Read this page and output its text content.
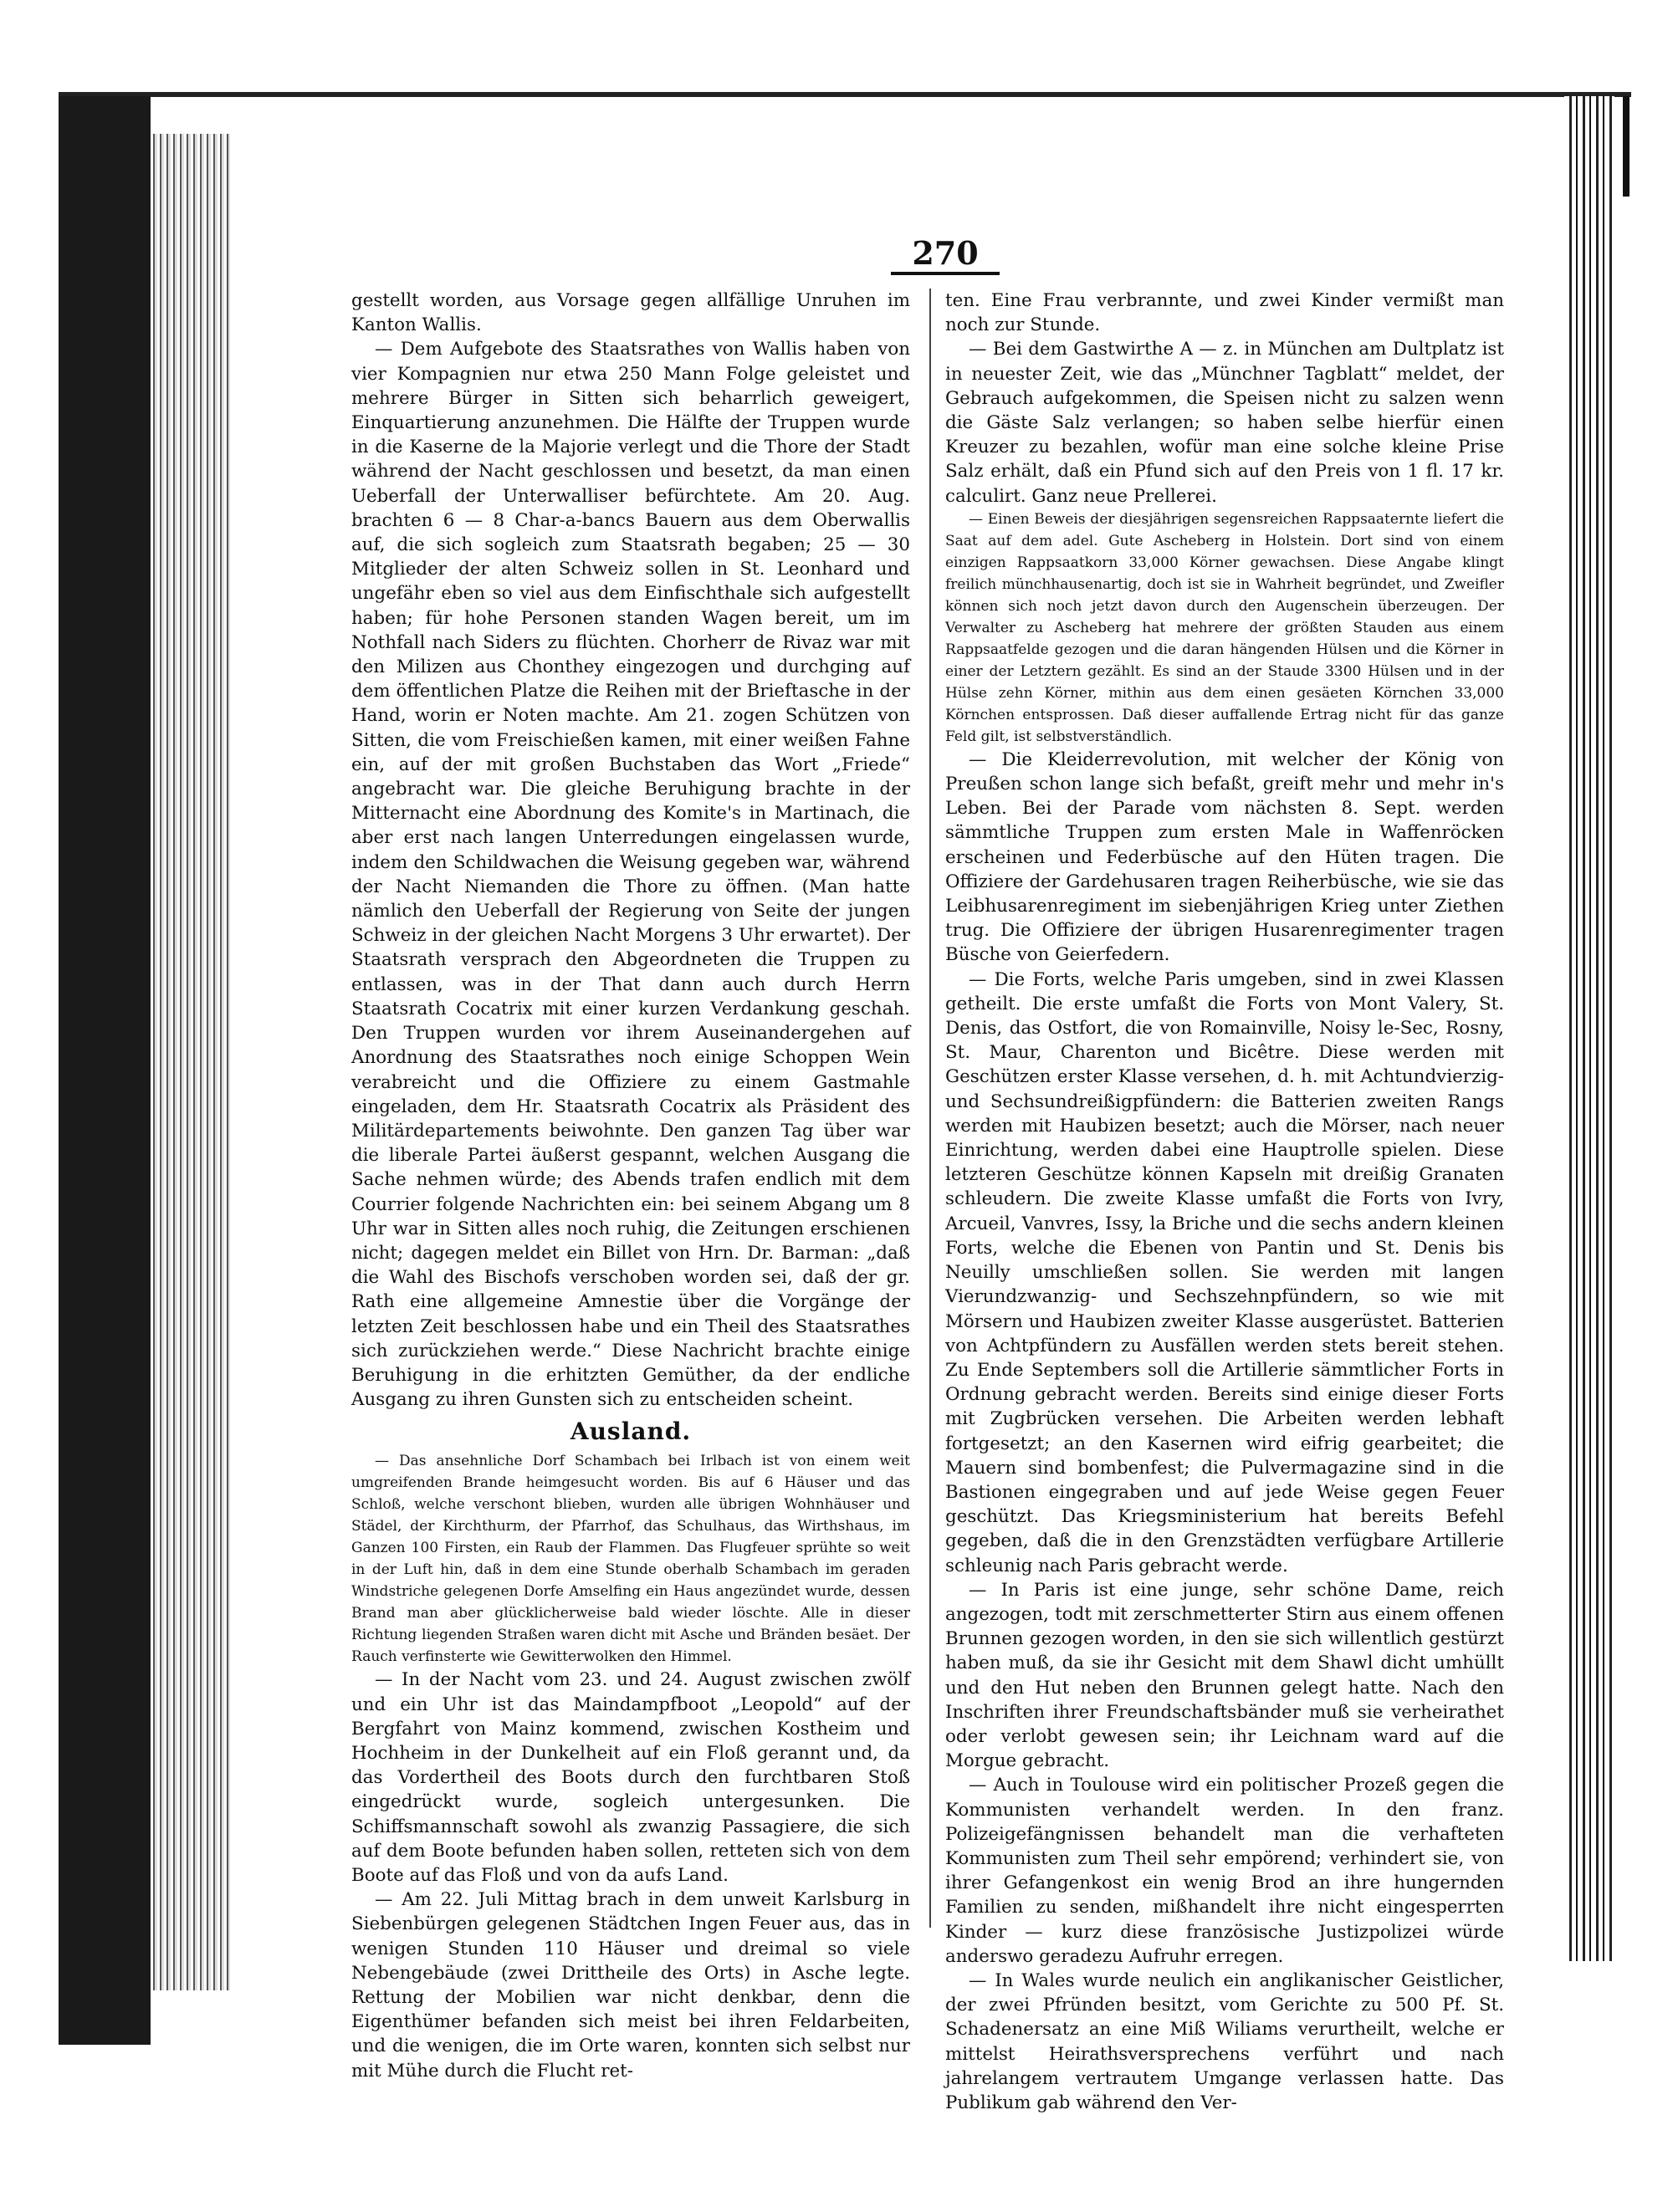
270

gestellt worden, aus Vorsage gegen allfällige Unruhen im Kanton Wallis.

— Dem Aufgebote des Staatsrathes von Wallis haben von vier Kompagnien nur etwa 250 Mann Folge geleistet und mehrere Bürger in Sitten sich beharrlich geweigert, Einquartierung anzunehmen. Die Hälfte der Truppen wurde in die Kaserne de la Majorie verlegt und die Thore der Stadt während der Nacht geschlossen und besetzt, da man einen Ueberfall der Unterwalliser befürchtete. Am 20. Aug. brachten 6 — 8 Char-a-bancs Bauern aus dem Oberwallis auf, die sich sogleich zum Staatsrath begaben; 25 — 30 Mitglieder der alten Schweiz sollen in St. Leonhard und ungefähr eben so viel aus dem Einfischthale sich aufgestellt haben; für hohe Personen standen Wagen bereit, um im Nothfall nach Siders zu flüchten. Chorherr de Rivaz war mit den Milizen aus Chonthey eingezogen und durchging auf dem öffentlichen Platze die Reihen mit der Brieftasche in der Hand, worin er Noten machte. Am 21. zogen Schützen von Sitten, die vom Freischießen kamen, mit einer weißen Fahne ein, auf der mit großen Buchstaben das Wort „Friede“ angebracht war. Die gleiche Beruhigung brachte in der Mitternacht eine Abordnung des Komite's in Martinach, die aber erst nach langen Unterredungen eingelassen wurde, indem den Schildwachen die Weisung gegeben war, während der Nacht Niemanden die Thore zu öffnen. (Man hatte nämlich den Ueberfall der Regierung von Seite der jungen Schweiz in der gleichen Nacht Morgens 3 Uhr erwartet). Der Staatsrath versprach den Abgeordneten die Truppen zu entlassen, was in der That dann auch durch Herrn Staatsrath Cocatrix mit einer kurzen Verdankung geschah. Den Truppen wurden vor ihrem Auseinandergehen auf Anordnung des Staatsrathes noch einige Schoppen Wein verabreicht und die Offiziere zu einem Gastmahle eingeladen, dem Hr. Staatsrath Cocatrix als Präsident des Militärdepartements beiwohnte. Den ganzen Tag über war die liberale Partei äußerst gespannt, welchen Ausgang die Sache nehmen würde; des Abends trafen endlich mit dem Courrier folgende Nachrichten ein: bei seinem Abgang um 8 Uhr war in Sitten alles noch ruhig, die Zeitungen erschienen nicht; dagegen meldet ein Billet von Hrn. Dr. Barman: „daß die Wahl des Bischofs verschoben worden sei, daß der gr. Rath eine allgemeine Amnestie über die Vorgänge der letzten Zeit beschlossen habe und ein Theil des Staatsrathes sich zurückziehen werde.“ Diese Nachricht brachte einige Beruhigung in die erhitzten Gemüther, da der endliche Ausgang zu ihren Gunsten sich zu entscheiden scheint.

Ausland.

— Das ansehnliche Dorf Schambach bei Irlbach ist von einem weit umgreifenden Brande heimgesucht worden. Bis auf 6 Häuser und das Schloß, welche verschont blieben, wurden alle übrigen Wohnhäuser und Städel, der Kirchthurm, der Pfarrhof, das Schulhaus, das Wirthshaus, im Ganzen 100 Firsten, ein Raub der Flammen. Das Flugfeuer sprühte so weit in der Luft hin, daß in dem eine Stunde oberhalb Schambach im geraden Windstriche gelegenen Dorfe Amselfing ein Haus angezündet wurde, dessen Brand man aber glücklicherweise bald wieder löschte. Alle in dieser Richtung liegenden Straßen waren dicht mit Asche und Bränden besäet. Der Rauch verfinsterte wie Gewitterwolken den Himmel.

— In der Nacht vom 23. und 24. August zwischen zwölf und ein Uhr ist das Maindampfboot „Leopold“ auf der Bergfahrt von Mainz kommend, zwischen Kostheim und Hochheim in der Dunkelheit auf ein Floß gerannt und, da das Vordertheil des Boots durch den furchtbaren Stoß eingedrückt wurde, sogleich untergesunken. Die Schiffsmannschaft sowohl als zwanzig Passagiere, die sich auf dem Boote befunden haben sollen, retteten sich von dem Boote auf das Floß und von da aufs Land.

— Am 22. Juli Mittag brach in dem unweit Karlsburg in Siebenbürgen gelegenen Städtchen Ingen Feuer aus, das in wenigen Stunden 110 Häuser und dreimal so viele Nebengebäude (zwei Drittheile des Orts) in Asche legte. Rettung der Mobilien war nicht denkbar, denn die Eigenthümer befanden sich meist bei ihren Feldarbeiten, und die wenigen, die im Orte waren, konnten sich selbst nur mit Mühe durch die Flucht ret-

ten. Eine Frau verbrannte, und zwei Kinder vermißt man noch zur Stunde.

— Bei dem Gastwirthe A — z. in München am Dultplatz ist in neuester Zeit, wie das „Münchner Tagblatt“ meldet, der Gebrauch aufgekommen, die Speisen nicht zu salzen wenn die Gäste Salz verlangen; so haben selbe hierfür einen Kreuzer zu bezahlen, wofür man eine solche kleine Prise Salz erhält, daß ein Pfund sich auf den Preis von 1 fl. 17 kr. calculirt. Ganz neue Prellerei.

— Einen Beweis der diesjährigen segensreichen Rappsaaternte liefert die Saat auf dem adel. Gute Ascheberg in Holstein. Dort sind von einem einzigen Rappsaatkorn 33,000 Körner gewachsen. Diese Angabe klingt freilich münchhausenartig, doch ist sie in Wahrheit begründet, und Zweifler können sich noch jetzt davon durch den Augenschein überzeugen. Der Verwalter zu Ascheberg hat mehrere der größten Stauden aus einem Rappsaatfelde gezogen und die daran hängenden Hülsen und die Körner in einer der Letztern gezählt. Es sind an der Staude 3300 Hülsen und in der Hülse zehn Körner, mithin aus dem einen gesäeten Körnchen 33,000 Körnchen entsprossen. Daß dieser auffallende Ertrag nicht für das ganze Feld gilt, ist selbstverständlich.

— Die Kleiderrevolution, mit welcher der König von Preußen schon lange sich befaßt, greift mehr und mehr in's Leben. Bei der Parade vom nächsten 8. Sept. werden sämmtliche Truppen zum ersten Male in Waffenröcken erscheinen und Federbüsche auf den Hüten tragen. Die Offiziere der Gardehusaren tragen Reiherbüsche, wie sie das Leibhusarenregiment im siebenjährigen Krieg unter Ziethen trug. Die Offiziere der übrigen Husarenregimenter tragen Büsche von Geierfedern.

— Die Forts, welche Paris umgeben, sind in zwei Klassen getheilt. Die erste umfaßt die Forts von Mont Valery, St. Denis, das Ostfort, die von Romainville, Noisy le-Sec, Rosny, St. Maur, Charenton und Bicêtre. Diese werden mit Geschützen erster Klasse versehen, d. h. mit Achtundvierzig- und Sechsundreißigpfündern: die Batterien zweiten Rangs werden mit Haubizen besetzt; auch die Mörser, nach neuer Einrichtung, werden dabei eine Hauptrolle spielen. Diese letzteren Geschütze können Kapseln mit dreißig Granaten schleudern. Die zweite Klasse umfaßt die Forts von Ivry, Arcueil, Vanvres, Issy, la Briche und die sechs andern kleinen Forts, welche die Ebenen von Pantin und St. Denis bis Neuilly umschließen sollen. Sie werden mit langen Vierundzwanzig- und Sechszehnpfündern, so wie mit Mörsern und Haubizen zweiter Klasse ausgerüstet. Batterien von Achtpfündern zu Ausfällen werden stets bereit stehen. Zu Ende Septembers soll die Artillerie sämmtlicher Forts in Ordnung gebracht werden. Bereits sind einige dieser Forts mit Zugbrücken versehen. Die Arbeiten werden lebhaft fortgesetzt; an den Kasernen wird eifrig gearbeitet; die Mauern sind bombenfest; die Pulvermagazine sind in die Bastionen eingegraben und auf jede Weise gegen Feuer geschützt. Das Kriegsministerium hat bereits Befehl gegeben, daß die in den Grenzstädten verfügbare Artillerie schleunig nach Paris gebracht werde.

— In Paris ist eine junge, sehr schöne Dame, reich angezogen, todt mit zerschmetterter Stirn aus einem offenen Brunnen gezogen worden, in den sie sich willentlich gestürzt haben muß, da sie ihr Gesicht mit dem Shawl dicht umhüllt und den Hut neben den Brunnen gelegt hatte. Nach den Inschriften ihrer Freundschaftsbänder muß sie verheirathet oder verlobt gewesen sein; ihr Leichnam ward auf die Morgue gebracht.

— Auch in Toulouse wird ein politischer Prozeß gegen die Kommunisten verhandelt werden. In den franz. Polizeigefängnissen behandelt man die verhafteten Kommunisten zum Theil sehr empörend; verhindert sie, von ihrer Gefangenkost ein wenig Brod an ihre hungernden Familien zu senden, mißhandelt ihre nicht eingesperrten Kinder — kurz diese französische Justizpolizei würde anderswo geradezu Aufruhr erregen.

— In Wales wurde neulich ein anglikanischer Geistlicher, der zwei Pfründen besitzt, vom Gerichte zu 500 Pf. St. Schadenersatz an eine Miß Wiliams verurtheilt, welche er mittelst Heirathsversprechens verführt und nach jahrelangem vertrautem Umgange verlassen hatte. Das Publikum gab während den Ver-
